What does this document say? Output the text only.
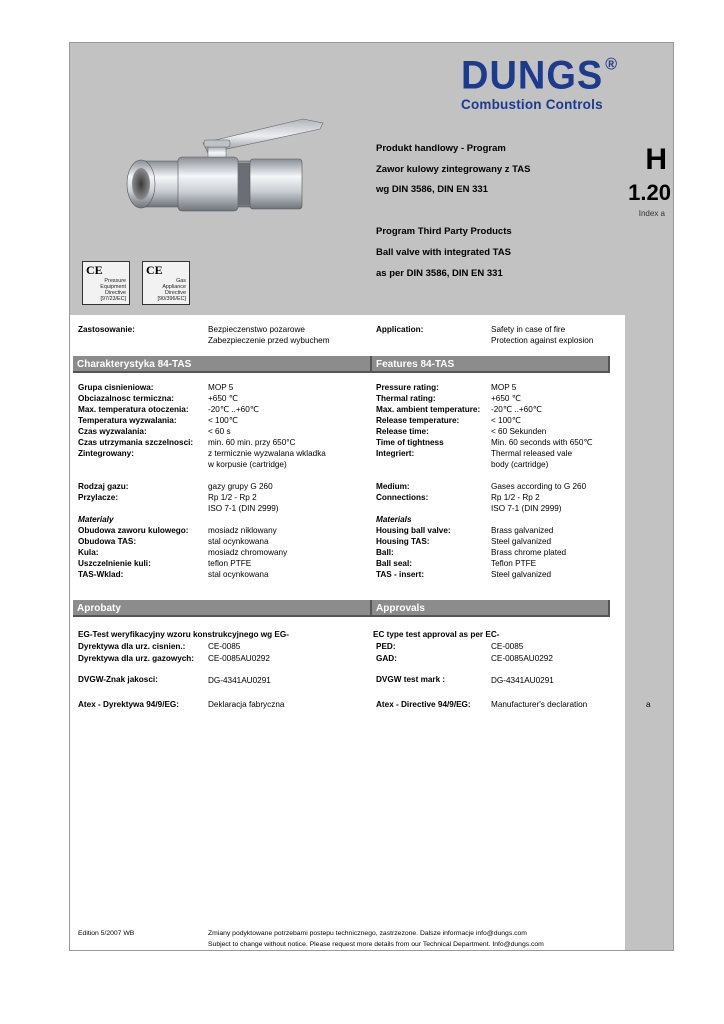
DUNGS ®
Combustion Controls
H
1.20
Index a
CE
Pressure
Equipment
Directive
[97/23/EC]
CE
Gas
Appliance
Directive
[90/396/EC]
Produkt handlowy - Program
Zawor kulowy zintegrowany z TAS
wg DIN 3586, DIN EN 331
Program Third Party Products
Ball valve with integrated TAS
as per DIN 3586, DIN EN 331
Zastosowanie:	Bezpieczenstwo pozarowe
Zabezpieczenie przed wybuchem
Application:	Safety in case of fire
Protection against explosion
Charakterystyka 84-TAS	Features 84-TAS
Grupa cisnieniowa:	MOP 5
Obciazalnosc termiczna:	+650 ℃
Max. temperatura otoczenia: -20℃ ..+60℃
Temperatura wyzwalania:	< 100℃
Czas wyzwalania:	< 60 s
Czas utrzymania szczelnosci: min. 60 min. przy 650°C
Zintegrowany:	z termicznie wyzwalana wkladka
w korpusie (cartridge)
Rodzaj gazu:	gazy grupy G 260
Przylacze:	Rp 1/2 - Rp 2
ISO 7-1 (DIN 2999)
Materialy
Obudowa zaworu kulowego: mosiadz niklowany
Obudowa TAS:	stal ocynkowana
Kula:	mosiadz chromowany
Uszczelnienie kuli:	teflon PTFE
TAS-Wklad:	stal ocynkowana
Pressure rating:	MOP 5
Thermal rating:	+650 ℃
Max. ambient temperature: -20℃ ..+60℃
Release temperature:	< 100℃
Release time:	< 60 Sekunden
Time of tightness	Min. 60 seconds with 650℃
Integriert:	Thermal released vale
body (cartridge)
Medium:	Gases according to G 260
Connections:	Rp 1/2 - Rp 2
ISO 7-1 (DIN 2999)
Materials
Housing ball valve:	Brass galvanized
Housing TAS:	Steel galvanized
Ball:	Brass chrome plated
Ball seal:	Teflon PTFE
TAS - insert:	Steel galvanized
Aprobaty	Approvals
EG-Test weryfikacyjny wzoru konstrukcyjnego wg EG-
Dyrektywa dla urz. cisnien.:	CE-0085
Dyrektywa dla urz. gazowych: CE-0085AU0292
DVGW-Znak jakosci:	DG-4341AU0291
Atex - Dyrektywa 94/9/EG:	Deklaracja fabryczna
EC type test approval as per EC-
PED:	CE-0085
GAD:	CE-0085AU0292
DVGW test mark :	DG-4341AU0291
Atex - Directive 94/9/EG: Manufacturer's declaration	a
Edition 5/2007 WB	Zmiany podyktowane potrzebami postepu technicznego, zastrzezone. Dalsze informacje info@dungs.com
Subject to change without notice. Please request more details from our Technical Department. Info@dungs.com
